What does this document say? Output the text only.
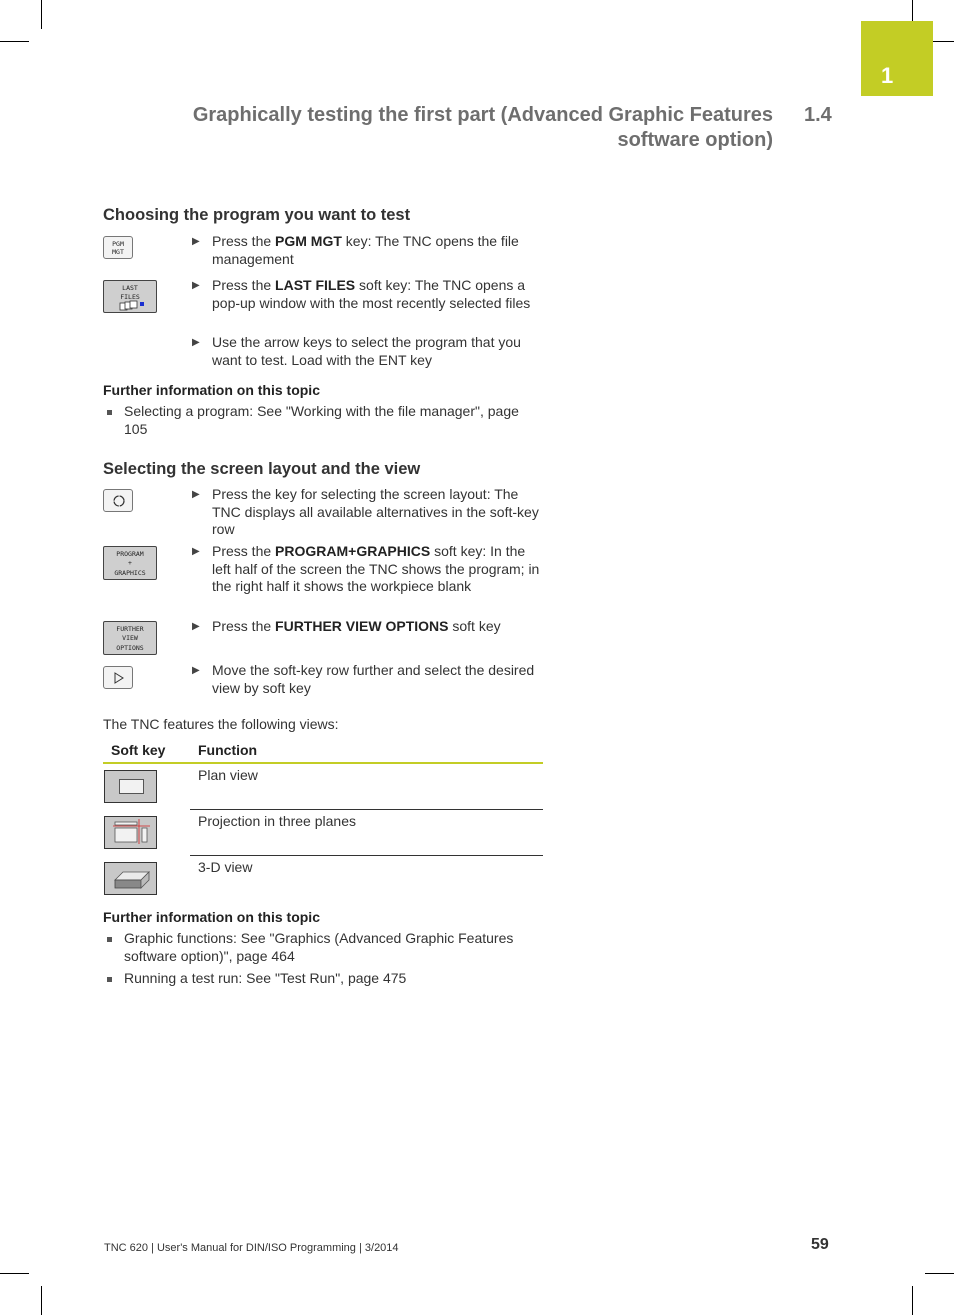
1
Graphically testing the first part (Advanced Graphic Features
software option)
1.4
Choosing the program you want to test
PGM
MGT
▶ Press the PGM MGT key: The TNC opens the file management
LAST
FILES
▶ Press the LAST FILES soft key: The TNC opens a pop-up window with the most recently selected files
▶ Use the arrow keys to select the program that you want to test. Load with the ENT key
Further information on this topic
Selecting a program: See "Working with the file manager", page 105
Selecting the screen layout and the view
▶ Press the key for selecting the screen layout: The TNC displays all available alternatives in the soft-key row
PROGRAM
+
GRAPHICS
▶ Press the PROGRAM+GRAPHICS soft key: In the left half of the screen the TNC shows the program; in the right half it shows the workpiece blank
FURTHER
VIEW
OPTIONS
▶ Press the FURTHER VIEW OPTIONS soft key
▶ Move the soft-key row further and select the desired view by soft key
The TNC features the following views:
Soft key Function
Plan view
Projection in three planes
3-D view
Further information on this topic
Graphic functions: See "Graphics (Advanced Graphic Features software option)", page 464
Running a test run: See "Test Run", page 475
TNC 620 | User's Manual for DIN/ISO Programming | 3/2014	59
